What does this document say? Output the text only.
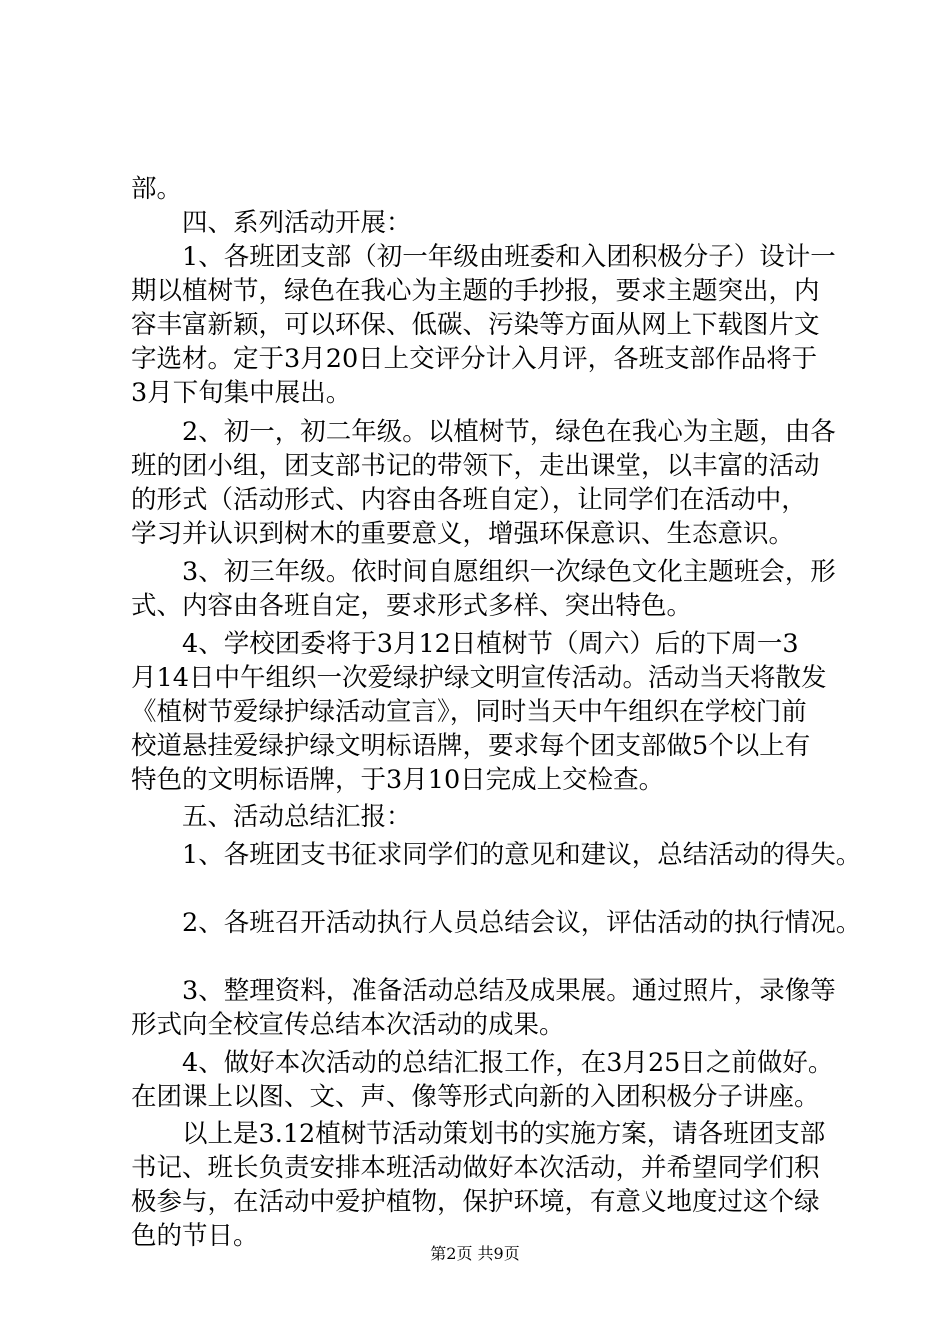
部。
　　四、系列活动开展：
　　1、各班团支部（初一年级由班委和入团积极分子）设计一
期以植树节，绿色在我心为主题的手抄报，要求主题突出，内
容丰富新颖，可以环保、低碳、污染等方面从网上下载图片文
字选材。定于3月20日上交评分计入月评，各班支部作品将于
3月下旬集中展出。
　　2、初一，初二年级。以植树节，绿色在我心为主题，由各
班的团小组，团支部书记的带领下，走出课堂，以丰富的活动
的形式（活动形式、内容由各班自定），让同学们在活动中，
学习并认识到树木的重要意义，增强环保意识、生态意识。
　　3、初三年级。依时间自愿组织一次绿色文化主题班会，形
式、内容由各班自定，要求形式多样、突出特色。
　　4、学校团委将于3月12日植树节（周六）后的下周一3
月14日中午组织一次爱绿护绿文明宣传活动。活动当天将散发
《植树节爱绿护绿活动宣言》，同时当天中午组织在学校门前
校道悬挂爱绿护绿文明标语牌，要求每个团支部做5个以上有
特色的文明标语牌，于3月10日完成上交检查。
　　五、活动总结汇报：
　　1、各班团支书征求同学们的意见和建议，总结活动的得失。
　　2、各班召开活动执行人员总结会议，评估活动的执行情况。
　　3、整理资料，准备活动总结及成果展。通过照片，录像等
形式向全校宣传总结本次活动的成果。
　　4、做好本次活动的总结汇报工作，在3月25日之前做好。
在团课上以图、文、声、像等形式向新的入团积极分子讲座。
　　以上是3.12植树节活动策划书的实施方案，请各班团支部
书记、班长负责安排本班活动做好本次活动，并希望同学们积
极参与，在活动中爱护植物，保护环境，有意义地度过这个绿
色的节日。
第2页 共9页
